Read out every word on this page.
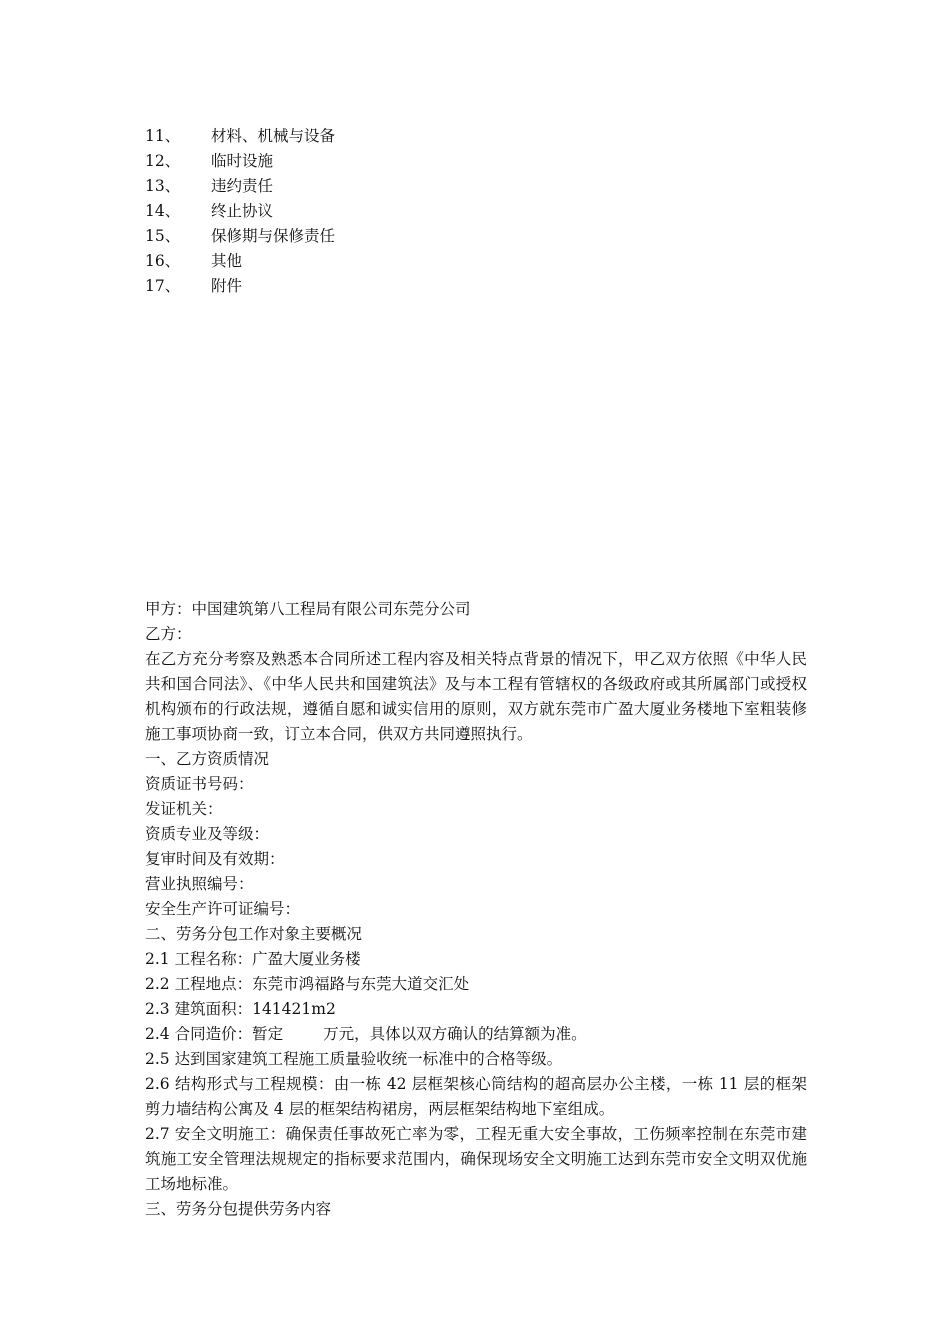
11、 材料、机械与设备
12、 临时设施
13、 违约责任
14、 终止协议
15、 保修期与保修责任
16、 其他
17、 附件
甲方：中国建筑第八工程局有限公司东莞分公司
乙方：
在乙方充分考察及熟悉本合同所述工程内容及相关特点背景的情况下，甲乙双方依照《中华人民共和国合同法》、《中华人民共和国建筑法》及与本工程有管辖权的各级政府或其所属部门或授权机构颁布的行政法规，遵循自愿和诚实信用的原则，双方就东莞市广盈大厦业务楼地下室粗装修施工事项协商一致，订立本合同，供双方共同遵照执行。
一、乙方资质情况
资质证书号码：
发证机关：
资质专业及等级：
复审时间及有效期：
营业执照编号：
安全生产许可证编号：
二、劳务分包工作对象主要概况
2.1 工程名称：广盈大厦业务楼
2.2 工程地点：东莞市鸿福路与东莞大道交汇处
2.3 建筑面积：141421m2
2.4 合同造价：暂定	万元，具体以双方确认的结算额为准。
2.5 达到国家建筑工程施工质量验收统一标准中的合格等级。
2.6 结构形式与工程规模：由一栋 42 层框架核心筒结构的超高层办公主楼，一栋 11 层的框架剪力墙结构公寓及 4 层的框架结构裙房，两层框架结构地下室组成。
2.7 安全文明施工：确保责任事故死亡率为零，工程无重大安全事故，工伤频率控制在东莞市建筑施工安全管理法规规定的指标要求范围内，确保现场安全文明施工达到东莞市安全文明双优施工场地标准。
三、劳务分包提供劳务内容
